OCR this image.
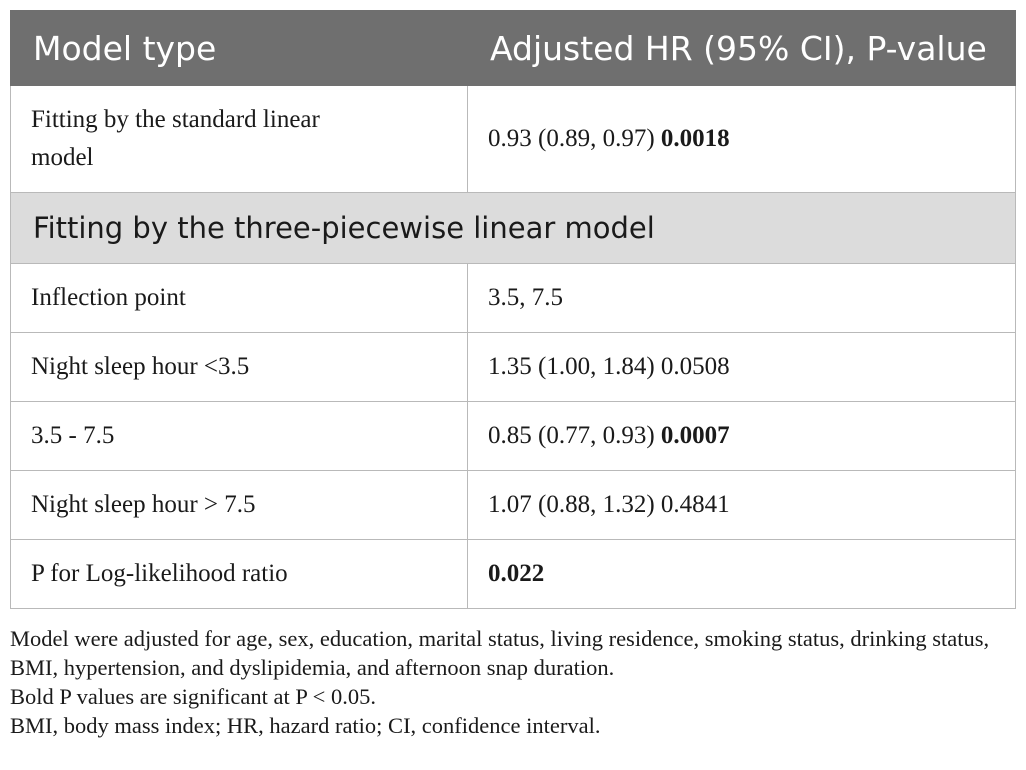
Model type	Adjusted HR (95% CI), P-value

Fitting by the standard linear model	0.93 (0.89, 0.97) 0.0018
Fitting by the three-piecewise linear model	
Inflection point	3.5, 7.5
Night sleep hour <3.5	1.35 (1.00, 1.84) 0.0508
3.5 - 7.5	0.85 (0.77, 0.93) 0.0007
Night sleep hour > 7.5	1.07 (0.88, 1.32) 0.4841
P for Log-likelihood ratio	0.022

Model were adjusted for age, sex, education, marital status, living residence, smoking status, drinking status, BMI, hypertension, and dyslipidemia, and afternoon snap duration.

Bold P values are significant at P < 0.05.

BMI, body mass index; HR, hazard ratio; CI, confidence interval.
